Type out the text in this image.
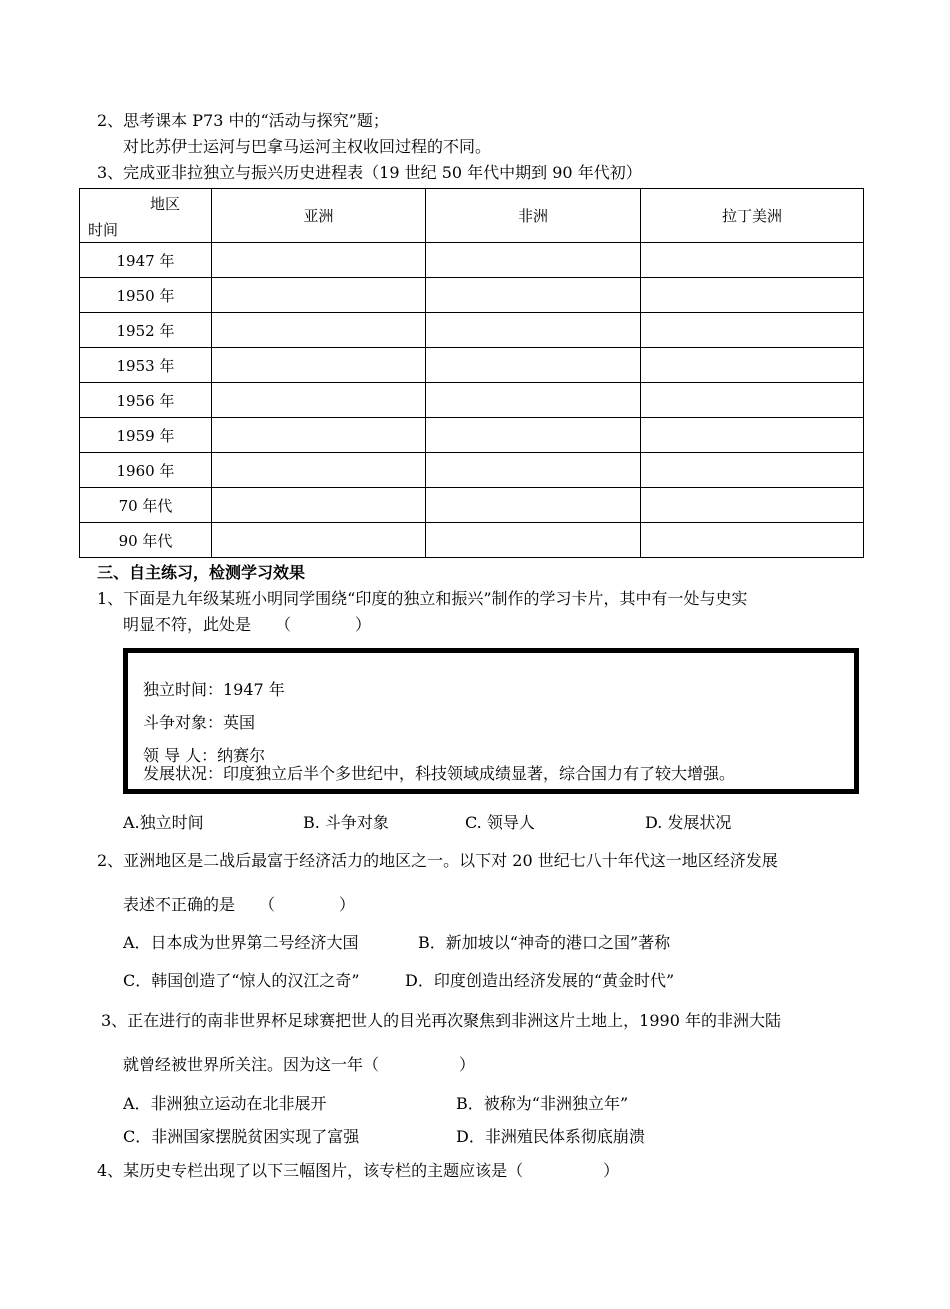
2、思考课本 P73 中的“活动与探究”题；
对比苏伊士运河与巴拿马运河主权收回过程的不同。
3、完成亚非拉独立与振兴历史进程表（19 世纪 50 年代中期到 90 年代初）
地区
时间	亚洲	非洲	拉丁美洲
1947 年			
1950 年			
1952 年			
1953 年			
1956 年			
1959 年			
1960 年			
70 年代			
90 年代			
三、自主练习，检测学习效果
1、下面是九年级某班小明同学围绕“印度的独立和振兴”制作的学习卡片，其中有一处与史实
明显不符，此处是　　（　　　　）
独立时间：1947 年
斗争对象：英国
领 导 人：纳赛尔
发展状况：印度独立后半个多世纪中，科技领域成绩显著，综合国力有了较大增强。
A.独立时间	B. 斗争对象	C. 领导人	D. 发展状况
2、亚洲地区是二战后最富于经济活力的地区之一。以下对 20 世纪七八十年代这一地区经济发展
表述不正确的是　　（　　　　）
A．日本成为世界第二号经济大国	B．新加坡以“神奇的港口之国”著称
C．韩国创造了“惊人的汉江之奇”	D．印度创造出经济发展的“黄金时代”
3、正在进行的南非世界杯足球赛把世人的目光再次聚焦到非洲这片土地上，1990 年的非洲大陆
就曾经被世界所关注。因为这一年（　　　　　）
A．非洲独立运动在北非展开	B．被称为“非洲独立年”
C．非洲国家摆脱贫困实现了富强	D．非洲殖民体系彻底崩溃
4、某历史专栏出现了以下三幅图片，该专栏的主题应该是（　　　　　）
